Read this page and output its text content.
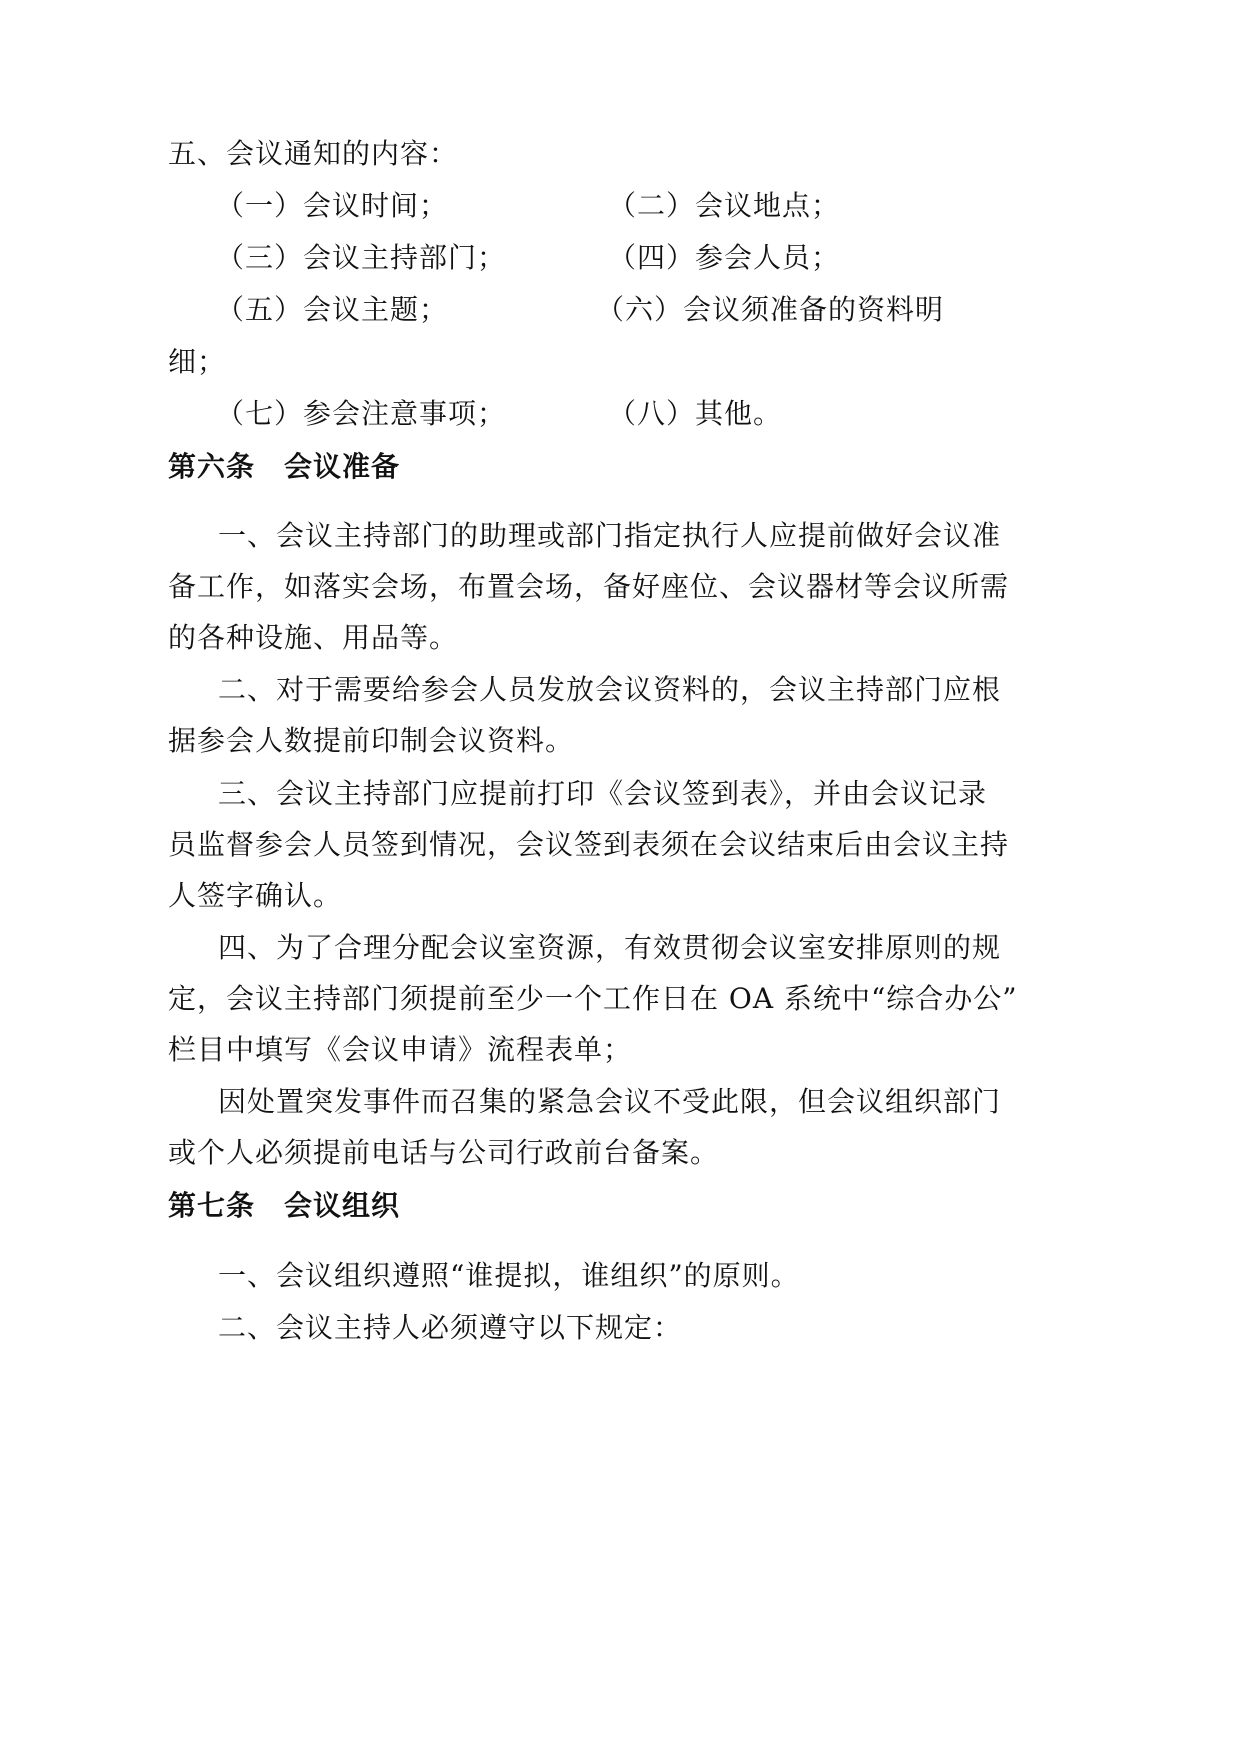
五、会议通知的内容：
（一）会议时间；	（二）会议地点；
（三）会议主持部门；	（四）参会人员；
（五）会议主题；	（六）会议须准备的资料明
细；
（七）参会注意事项；	（八）其他。
第六条　会议准备
一、会议主持部门的助理或部门指定执行人应提前做好会议准
备工作，如落实会场，布置会场，备好座位、会议器材等会议所需
的各种设施、用品等。
二、对于需要给参会人员发放会议资料的，会议主持部门应根
据参会人数提前印制会议资料。
三、会议主持部门应提前打印《会议签到表》，并由会议记录
员监督参会人员签到情况，会议签到表须在会议结束后由会议主持
人签字确认。
四、为了合理分配会议室资源，有效贯彻会议室安排原则的规
定，会议主持部门须提前至少一个工作日在 OA 系统中“综合办公”
栏目中填写《会议申请》流程表单；
因处置突发事件而召集的紧急会议不受此限，但会议组织部门
或个人必须提前电话与公司行政前台备案。
第七条　会议组织
一、会议组织遵照“谁提拟，谁组织”的原则。
二、会议主持人必须遵守以下规定：
